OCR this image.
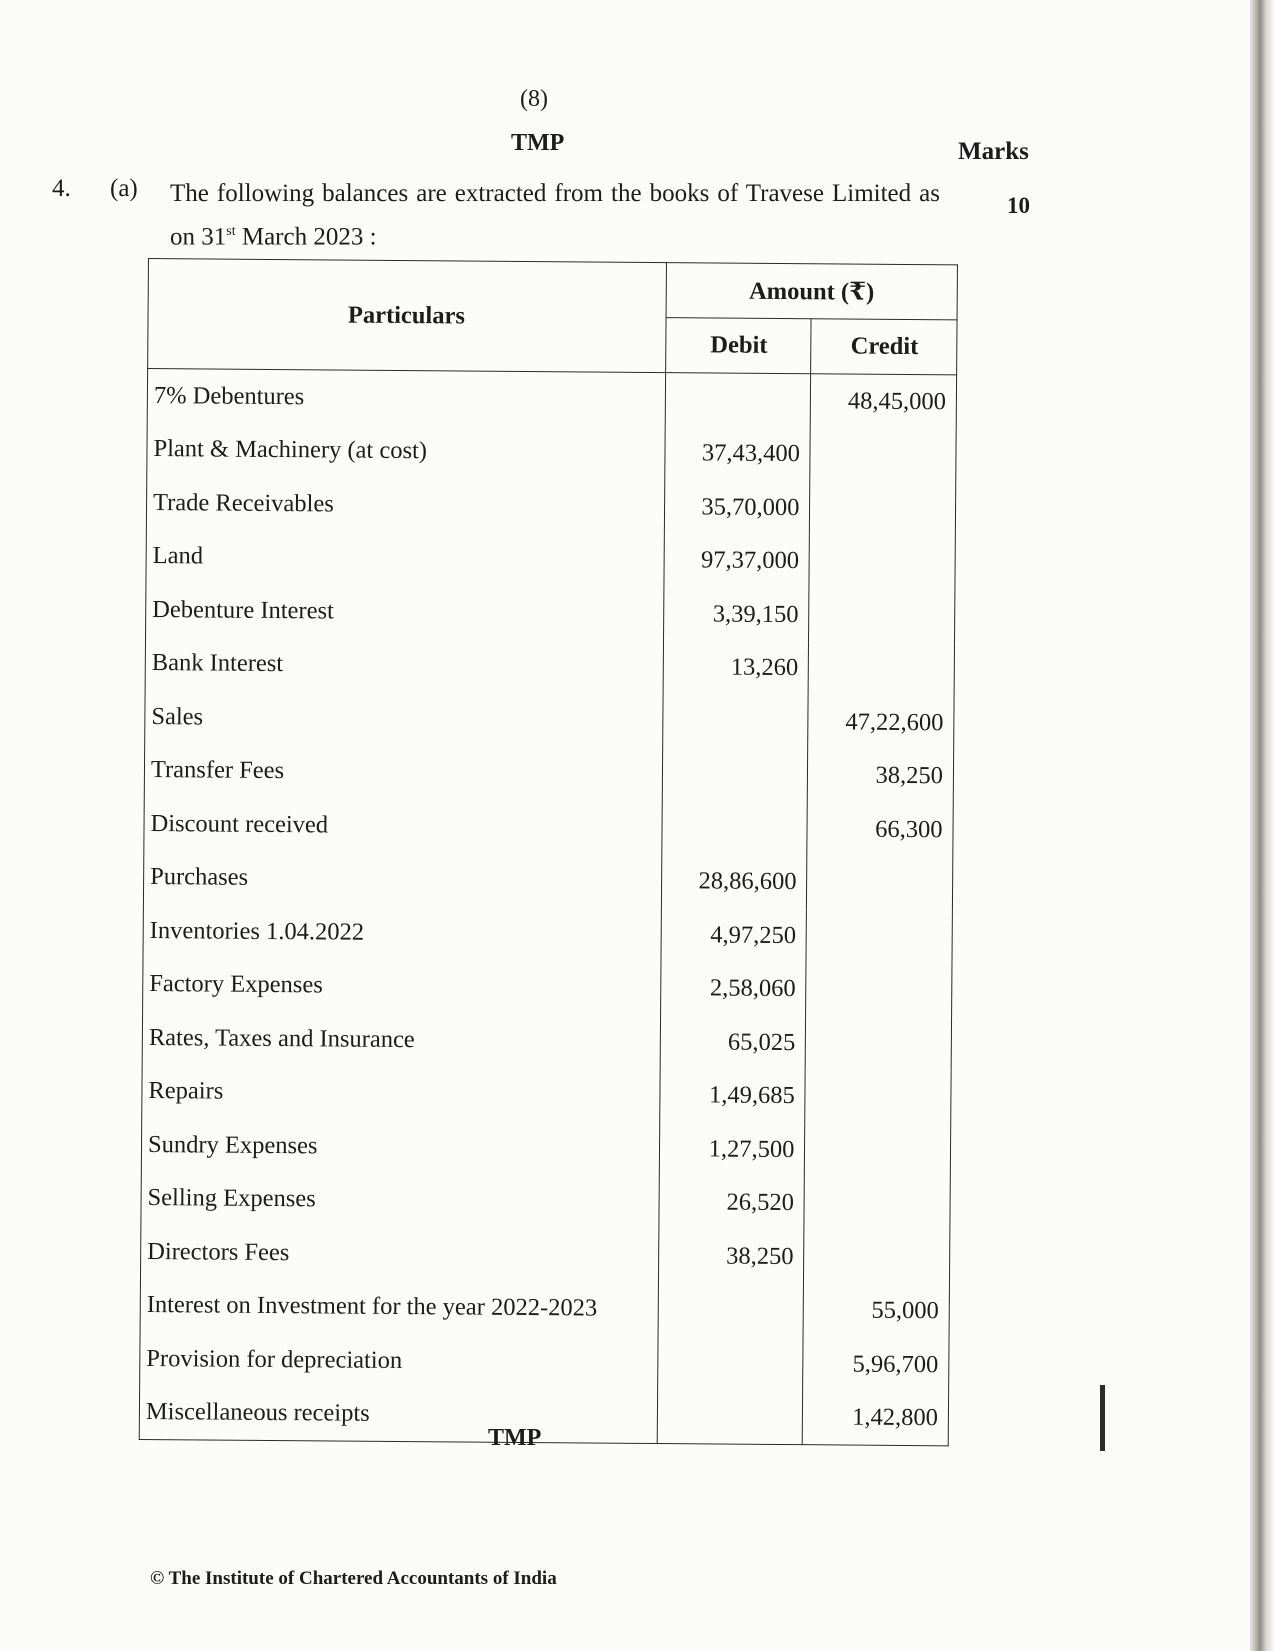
(8)
TMP	Marks
10
4. (a) The following balances are extracted from the books of Travese Limited as on 31st March 2023 :
Particulars	Amount (₹)	
	Debit	Credit
7% Debentures		48,45,000
Plant & Machinery (at cost)	37,43,400	
Trade Receivables	35,70,000	
Land	97,37,000	
Debenture Interest	3,39,150	
Bank Interest	13,260	
Sales		47,22,600
Transfer Fees		38,250
Discount received		66,300
Purchases	28,86,600	
Inventories 1.04.2022	4,97,250	
Factory Expenses	2,58,060	
Rates, Taxes and Insurance	65,025	
Repairs	1,49,685	
Sundry Expenses	1,27,500	
Selling Expenses	26,520	
Directors Fees	38,250	
Interest on Investment for the year 2022-2023		55,000
Provision for depreciation		5,96,700
Miscellaneous receipts		1,42,800
TMP
© The Institute of Chartered Accountants of India
